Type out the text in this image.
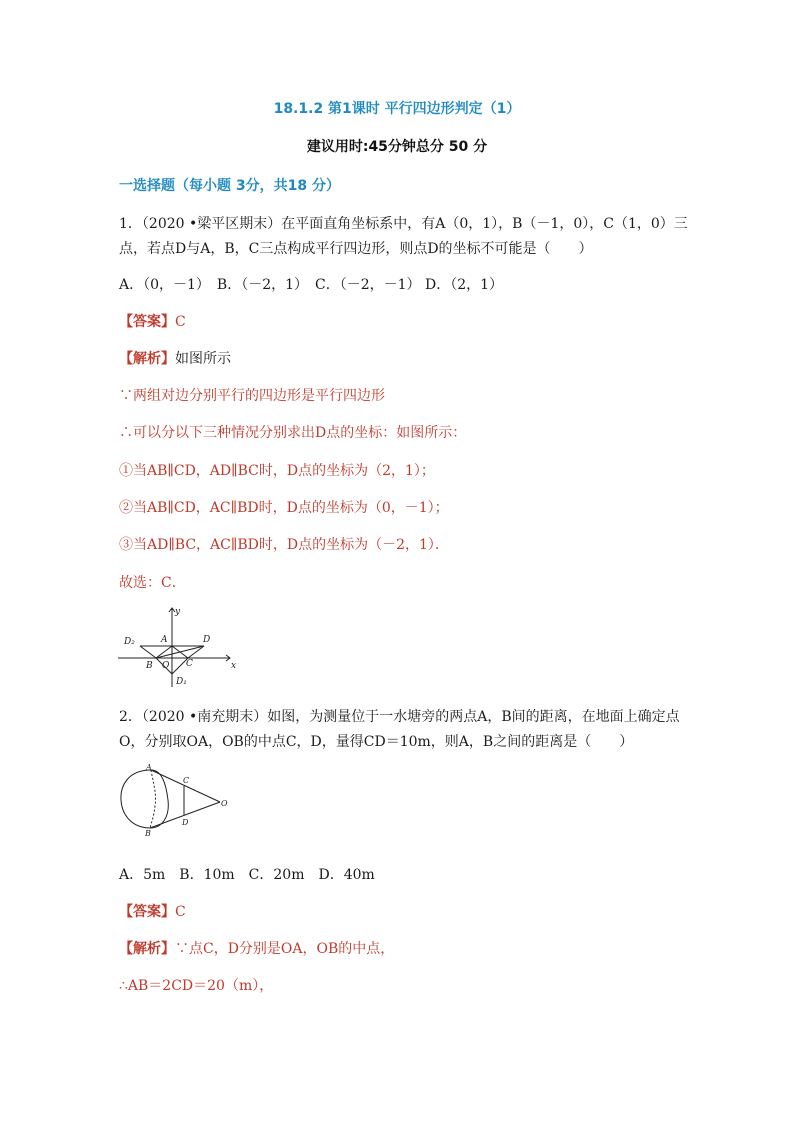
18.1.2 第1课时 平行四边形判定（1）
建议用时:45分钟总分 50 分
一选择题（每小题 3分，共18 分）
1．（2020 •梁平区期末）在平面直角坐标系中，有A（0，1），B（－1，0），C（1，0）三
点，若点D与A，B，C三点构成平行四边形，则点D的坐标不可能是（　　）
A．（0，－1）　B．（－2，1）　C．（－2，－1） D．（2，1）
【答案】C
【解析】如图所示
∵两组对边分别平行的四边形是平行四边形
∴可以分以下三种情况分别求出D点的坐标：如图所示：
①当AB∥CD，AD∥BC时，D点的坐标为（2，1）；
②当AB∥CD，AC∥BD时，D点的坐标为（0，－1）；
③当AD∥BC，AC∥BD时，D点的坐标为（－2，1）．
故选：C．
y
x
A
B O C
D
D₂
D₁
2．（2020 •南充期末）如图，为测量位于一水塘旁的两点A，B间的距离，在地面上确定点
O，分别取OA，OB的中点C，D，量得CD＝10m，则A，B之间的距离是（　　）
A
B
C
D
O
A．5m　B．10m　C．20m　D．40m
【答案】C
【解析】∵点C，D分别是OA，OB的中点，
∴AB＝2CD＝20（m），
